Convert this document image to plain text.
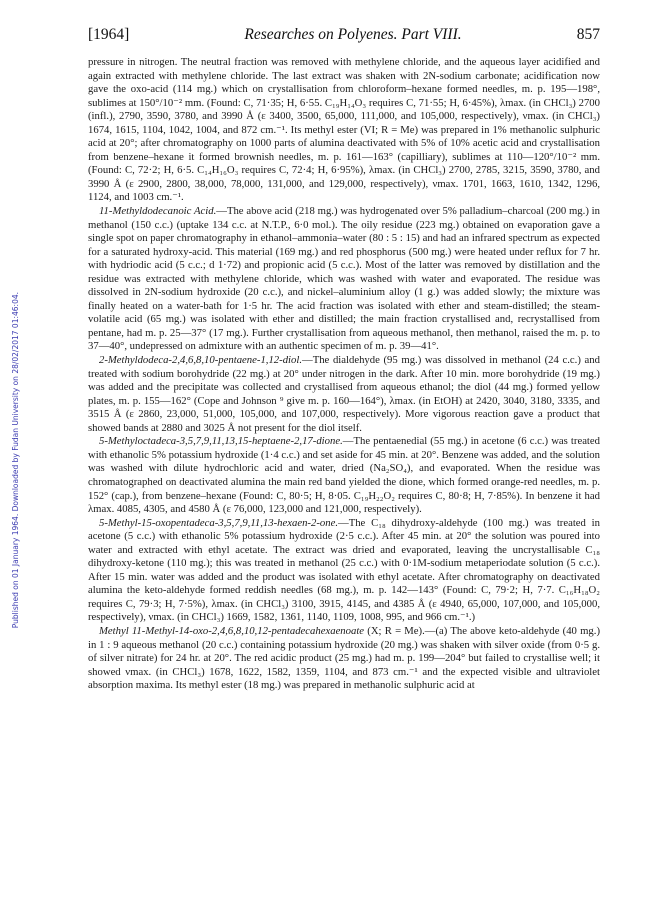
Published on 01 January 1964. Downloaded by Fudan University on 28/02/2017 01:46:04.
[1964]	Researches on Polyenes. Part VIII.	857

pressure in nitrogen. The neutral fraction was removed with methylene chloride, and the aqueous layer acidified and again extracted with methylene chloride. The last extract was shaken with 2N-sodium carbonate; acidification now gave the oxo-acid (114 mg.) which on crystallisation from chloroform–hexane formed needles, m. p. 195—198°, sublimes at 150°/10⁻² mm. (Found: C, 71·35; H, 6·55. C₁₉H₁₄O₃ requires C, 71·55; H, 6·45%), λmax. (in CHCl₃) 2700 (infl.), 2790, 3590, 3780, and 3990 Å (ε 3400, 3500, 65,000, 111,000, and 105,000, respectively), νmax. (in CHCl₃) 1674, 1615, 1104, 1042, 1004, and 872 cm.⁻¹. Its methyl ester (VI; R = Me) was prepared in 1% methanolic sulphuric acid at 20°; after chromatography on 1000 parts of alumina deactivated with 5% of 10% acetic acid and crystallisation from benzene–hexane it formed brownish needles, m. p. 161—163° (capilliary), sublimes at 110—120°/10⁻² mm. (Found: C, 72·2; H, 6·5. C₁₄H₁₆O₃ requires C, 72·4; H, 6·95%), λmax. (in CHCl₃) 2700, 2785, 3215, 3590, 3780, and 3990 Å (ε 2900, 2800, 38,000, 78,000, 131,000, and 129,000, respectively), νmax. 1701, 1663, 1610, 1342, 1296, 1124, and 1003 cm.⁻¹.

11-Methyldodecanoic Acid.—The above acid (218 mg.) was hydrogenated over 5% palladium–charcoal (200 mg.) in methanol (150 c.c.) (uptake 134 c.c. at N.T.P., 6·0 mol.). The oily residue (223 mg.) obtained on evaporation gave a single spot on paper chromatography in ethanol–ammonia–water (80 : 5 : 15) and had an infrared spectrum as expected for a saturated hydroxy-acid. This material (169 mg.) and red phosphorus (500 mg.) were heated under reflux for 7 hr. with hydriodic acid (5 c.c.; d 1·72) and propionic acid (5 c.c.). Most of the latter was removed by distillation and the residue was extracted with methylene chloride, which was washed with water and evaporated. The residue was dissolved in 2N-sodium hydroxide (20 c.c.), and nickel–aluminium alloy (1 g.) was added slowly; the mixture was finally heated on a water-bath for 1·5 hr. The acid fraction was isolated with ether and steam-distilled; the steam-volatile acid (65 mg.) was isolated with ether and distilled; the main fraction crystallised and, recrystallised from pentane, had m. p. 25—37° (17 mg.). Further crystallisation from aqueous methanol, then methanol, raised the m. p. to 37—40°, undepressed on admixture with an authentic specimen of m. p. 39—41°.

2-Methyldodeca-2,4,6,8,10-pentaene-1,12-diol.—The dialdehyde (95 mg.) was dissolved in methanol (24 c.c.) and treated with sodium borohydride (22 mg.) at 20° under nitrogen in the dark. After 10 min. more borohydride (19 mg.) was added and the precipitate was collected and crystallised from aqueous ethanol; the diol (44 mg.) formed yellow plates, m. p. 155—162° (Cope and Johnson ⁹ give m. p. 160—164°), λmax. (in EtOH) at 2420, 3040, 3180, 3335, and 3515 Å (ε 2860, 23,000, 51,000, 105,000, and 107,000, respectively). More vigorous reaction gave a product that showed bands at 2880 and 3025 Å not present for the diol itself.

5-Methyloctadeca-3,5,7,9,11,13,15-heptaene-2,17-dione.—The pentaenedial (55 mg.) in acetone (6 c.c.) was treated with ethanolic 5% potassium hydroxide (1·4 c.c.) and set aside for 45 min. at 20°. Benzene was added, and the solution was washed with dilute hydrochloric acid and water, dried (Na₂SO₄), and evaporated. When the residue was chromatographed on deactivated alumina the main red band yielded the dione, which formed orange-red needles, m. p. 152° (cap.), from benzene–hexane (Found: C, 80·5; H, 8·05. C₁₉H₂₂O₂ requires C, 80·8; H, 7·85%). In benzene it had λmax. 4085, 4305, and 4580 Å (ε 76,000, 123,000 and 121,000, respectively).

5-Methyl-15-oxopentadeca-3,5,7,9,11,13-hexaen-2-one.—The C₁₈ dihydroxy-aldehyde (100 mg.) was treated in acetone (5 c.c.) with ethanolic 5% potassium hydroxide (2·5 c.c.). After 45 min. at 20° the solution was poured into water and extracted with ethyl acetate. The extract was dried and evaporated, leaving the uncrystallisable C₁₈ dihydroxy-ketone (110 mg.); this was treated in methanol (25 c.c.) with 0·1M-sodium metaperiodate solution (5 c.c.). After 15 min. water was added and the product was isolated with ethyl acetate. After chromatography on deactivated alumina the keto-aldehyde formed reddish needles (68 mg.), m. p. 142—143° (Found: C, 79·2; H, 7·7. C₁₆H₁₈O₂ requires C, 79·3; H, 7·5%), λmax. (in CHCl₃) 3100, 3915, 4145, and 4385 Å (ε 4940, 65,000, 107,000, and 105,000, respectively), νmax. (in CHCl₃) 1669, 1582, 1361, 1140, 1109, 1008, 995, and 966 cm.⁻¹.)

Methyl 11-Methyl-14-oxo-2,4,6,8,10,12-pentadecahexaenoate (X; R = Me).—(a) The above keto-aldehyde (40 mg.) in 1 : 9 aqueous methanol (20 c.c.) containing potassium hydroxide (20 mg.) was shaken with silver oxide (from 0·5 g. of silver nitrate) for 24 hr. at 20°. The red acidic product (25 mg.) had m. p. 199—204° but failed to crystallise well; it showed νmax. (in CHCl₃) 1678, 1622, 1582, 1359, 1104, and 873 cm.⁻¹ and the expected visible and ultraviolet absorption maxima. Its methyl ester (18 mg.) was prepared in methanolic sulphuric acid at
